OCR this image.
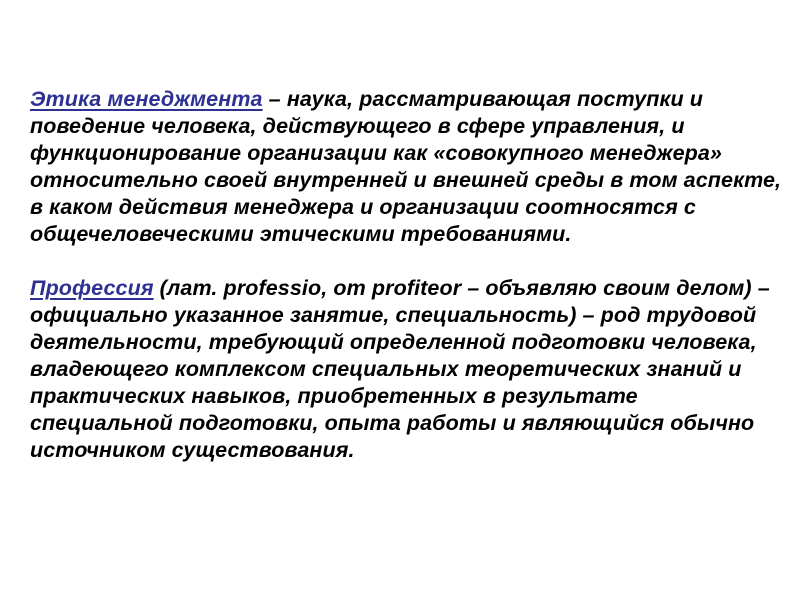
Этика менеджмента – наука, рассматривающая поступки и поведение человека, действующего в сфере управления, и функционирование организации как «совокупного менеджера» относительно своей внутренней и внешней среды в том аспекте, в каком действия менеджера и организации соотносятся с общечеловеческими этическими требованиями.

Профессия (лат. professio, от profiteor – объявляю своим делом) – официально указанное занятие, специальность) – род трудовой деятельности, требующий определенной подготовки человека, владеющего комплексом специальных теоретических знаний и практических навыков, приобретенных в результате специальной подготовки, опыта работы и являющийся обычно источником существования.
